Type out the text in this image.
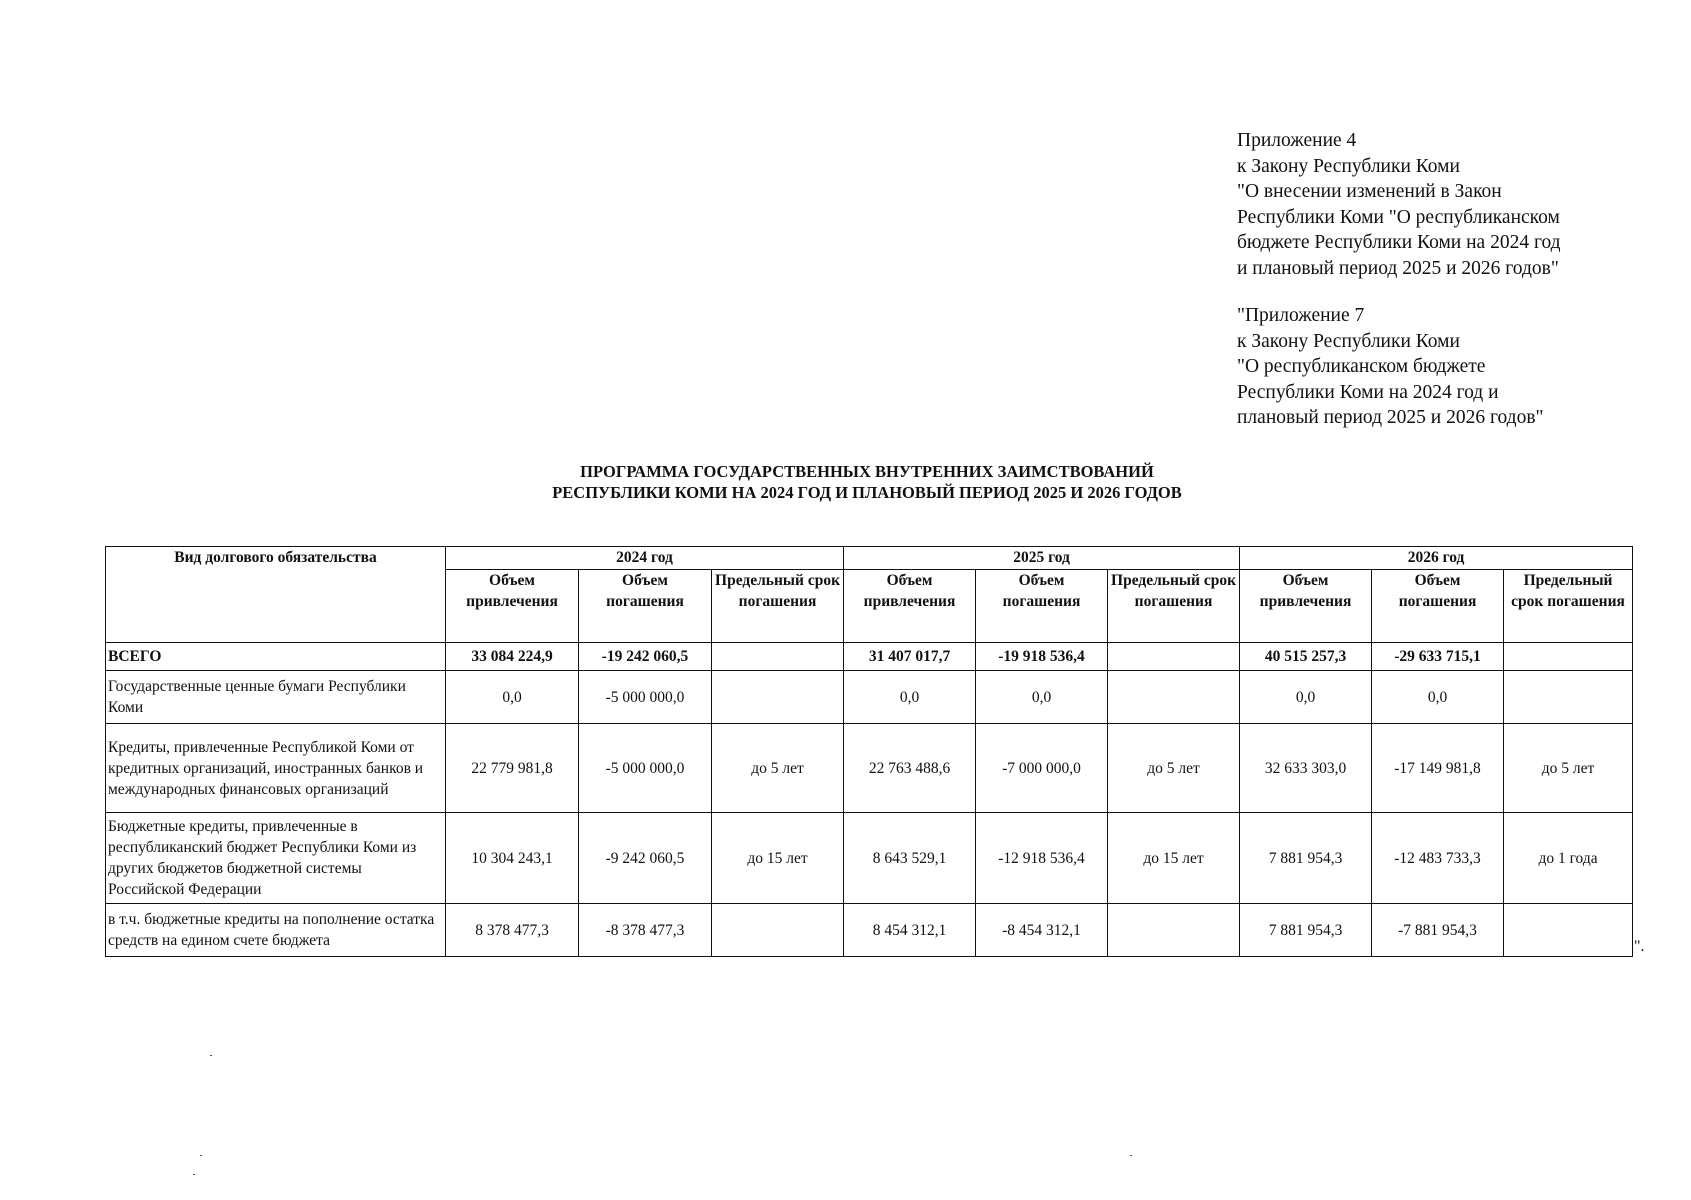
Приложение 4
к Закону Республики Коми
"О внесении изменений в Закон
Республики Коми "О республиканском
бюджете Республики Коми на 2024 год
и плановый период 2025 и 2026 годов"
"Приложение 7
к Закону Республики Коми
"О республиканском бюджете
Республики Коми на 2024 год и
плановый период 2025 и 2026 годов"
ПРОГРАММА ГОСУДАРСТВЕННЫХ ВНУТРЕННИХ ЗАИМСТВОВАНИЙ
РЕСПУБЛИКИ КОМИ НА 2024 ГОД И ПЛАНОВЫЙ ПЕРИОД 2025 И 2026 ГОДОВ
Вид долгового обязательства	2024 год			2025 год			2026 год		
	Объем привлечения	Объем погашения	Предельный срок погашения	Объем привлечения	Объем погашения	Предельный срок погашения	Объем привлечения	Объем погашения	Предельный срок погашения
ВСЕГО	33 084 224,9	-19 242 060,5		31 407 017,7	-19 918 536,4		40 515 257,3	-29 633 715,1	
Государственные ценные бумаги Республики Коми	0,0	-5 000 000,0		0,0	0,0		0,0	0,0	
Кредиты, привлеченные Республикой Коми от кредитных организаций, иностранных банков и международных финансовых организаций	22 779 981,8	-5 000 000,0	до 5 лет	22 763 488,6	-7 000 000,0	до 5 лет	32 633 303,0	-17 149 981,8	до 5 лет
Бюджетные кредиты, привлеченные в республиканский бюджет Республики Коми из других бюджетов бюджетной системы Российской Федерации	10 304 243,1	-9 242 060,5	до 15 лет	8 643 529,1	-12 918 536,4	до 15 лет	7 881 954,3	-12 483 733,3	до 1 года
в т.ч. бюджетные кредиты на пополнение остатка средств на едином счете бюджета	8 378 477,3	-8 378 477,3		8 454 312,1	-8 454 312,1		7 881 954,3	-7 881 954,3	
".
